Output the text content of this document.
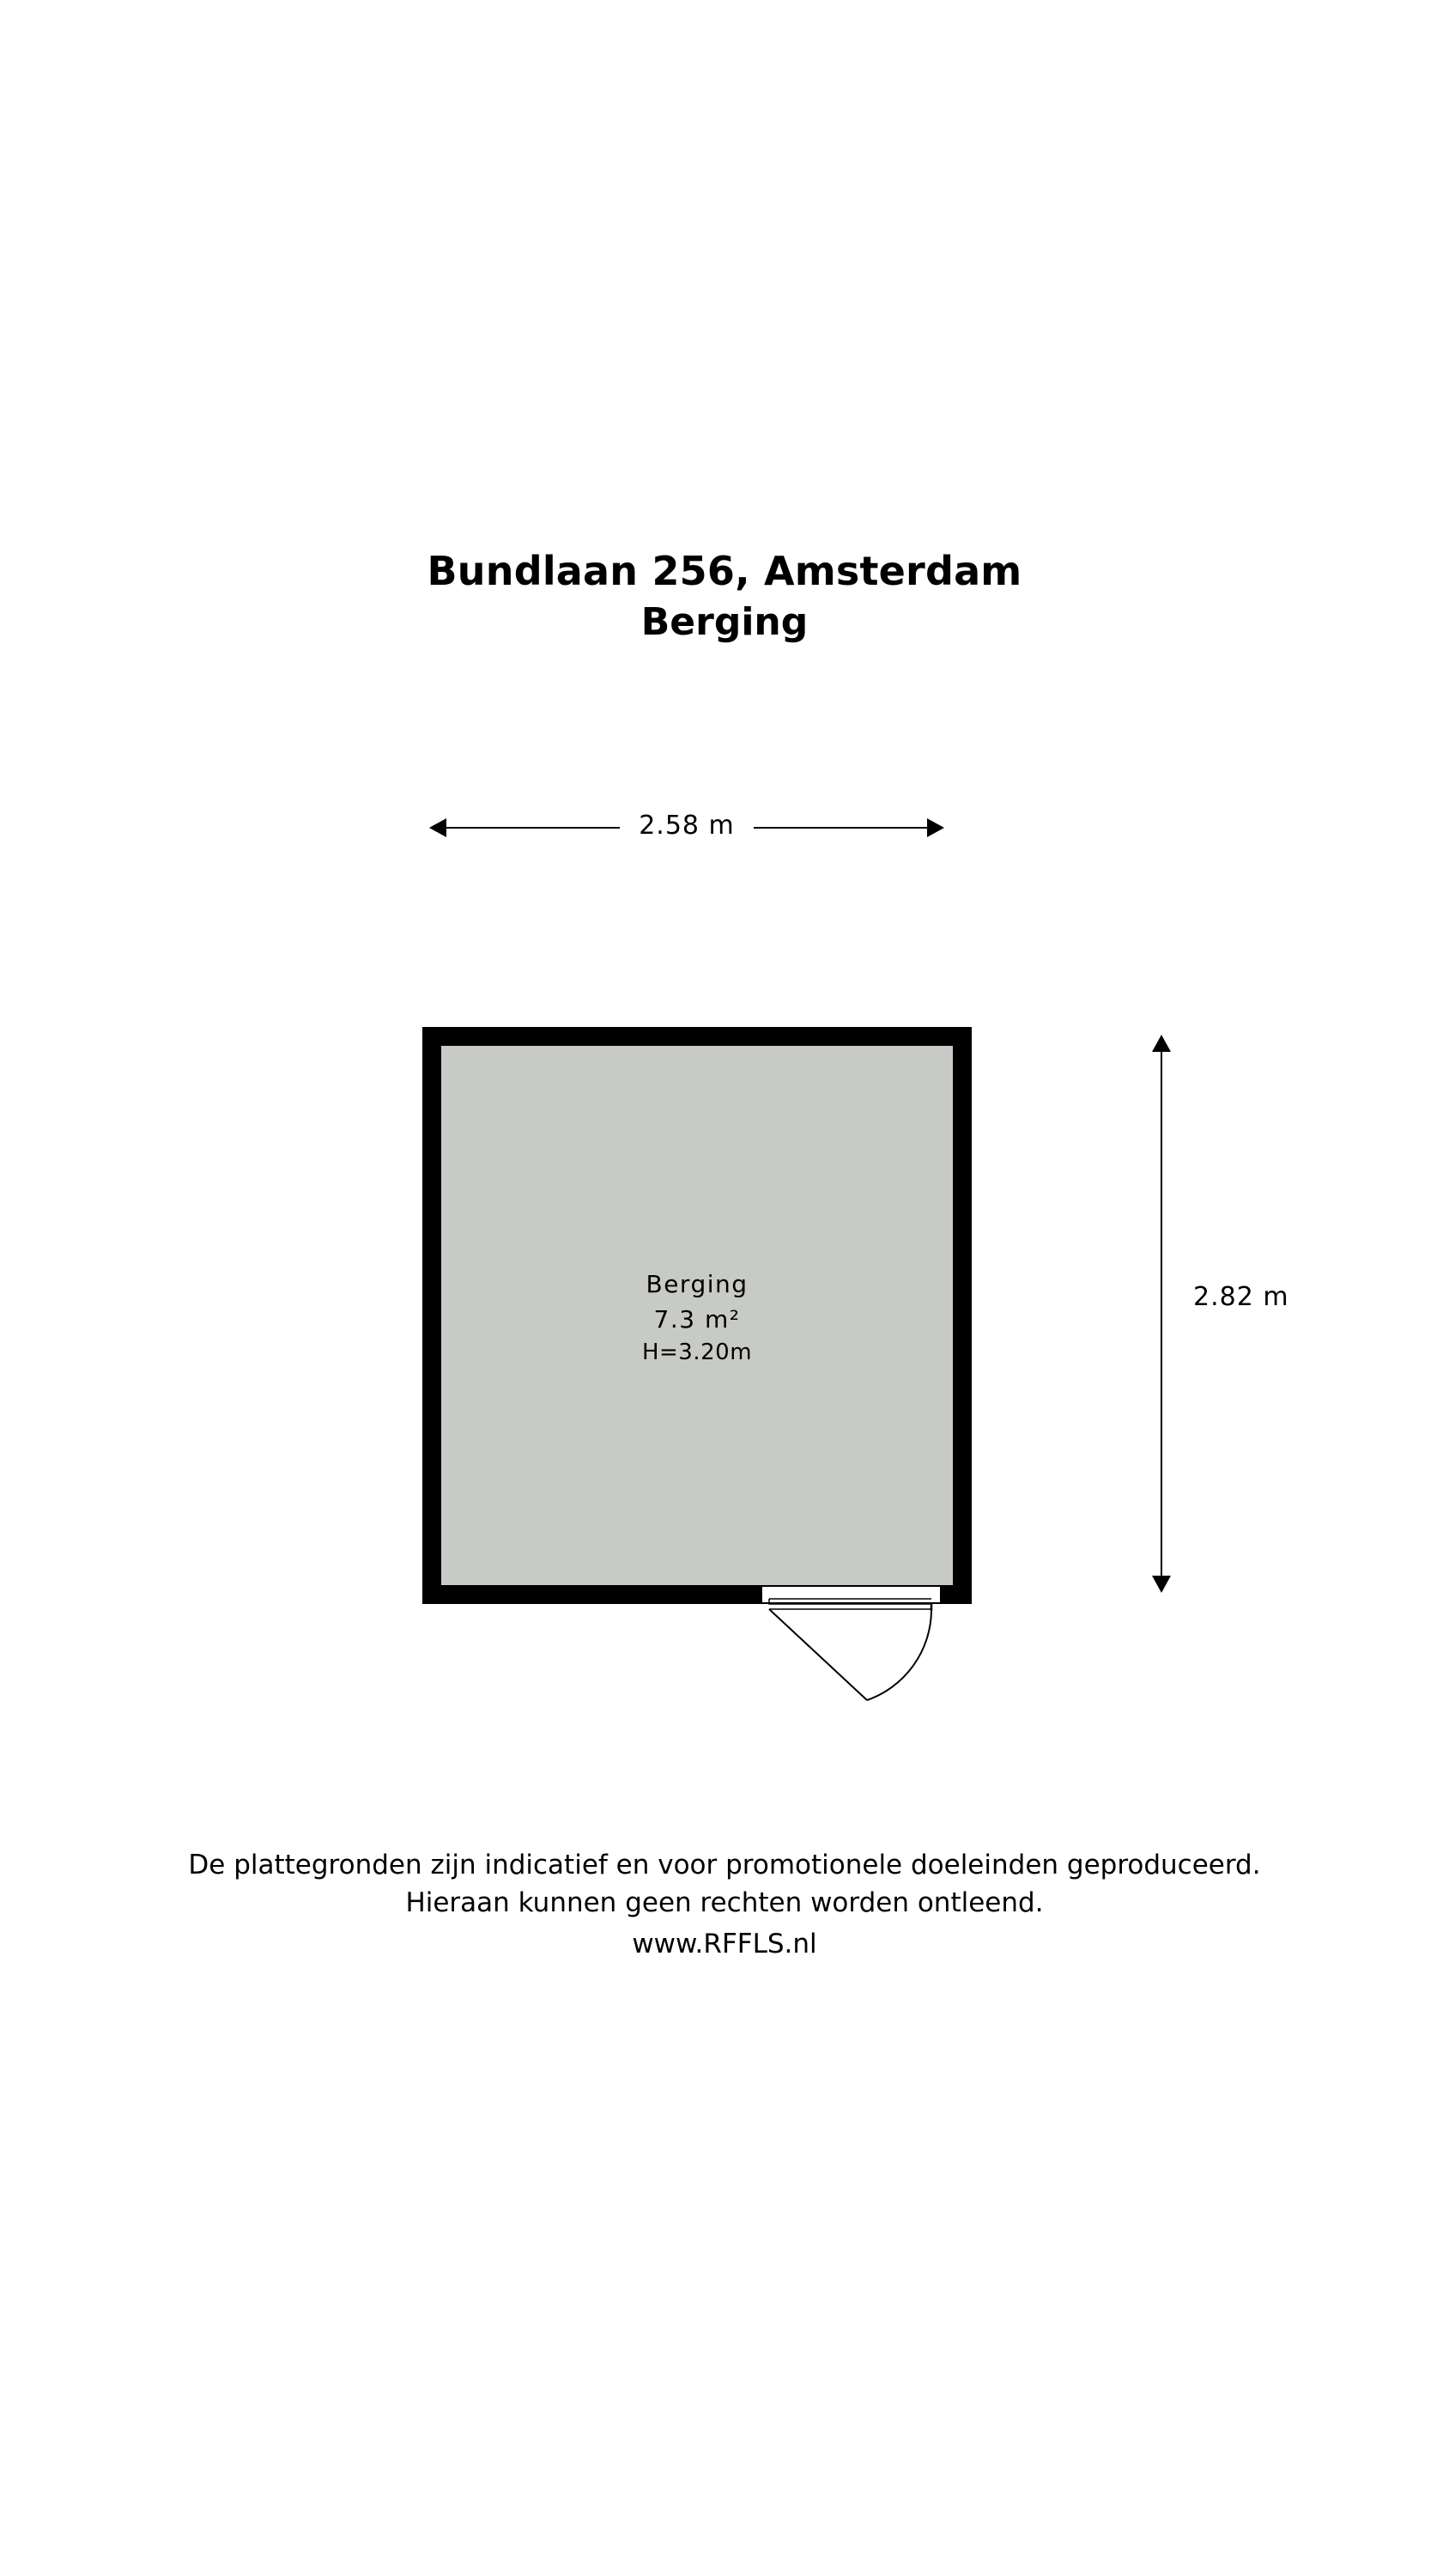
Bundlaan 256, Amsterdam
Berging
2.58 m
2.82 m
Berging
7.3 m²
H=3.20m
De plattegronden zijn indicatief en voor promotionele doeleinden geproduceerd.
Hieraan kunnen geen rechten worden ontleend.
www.RFFLS.nl
